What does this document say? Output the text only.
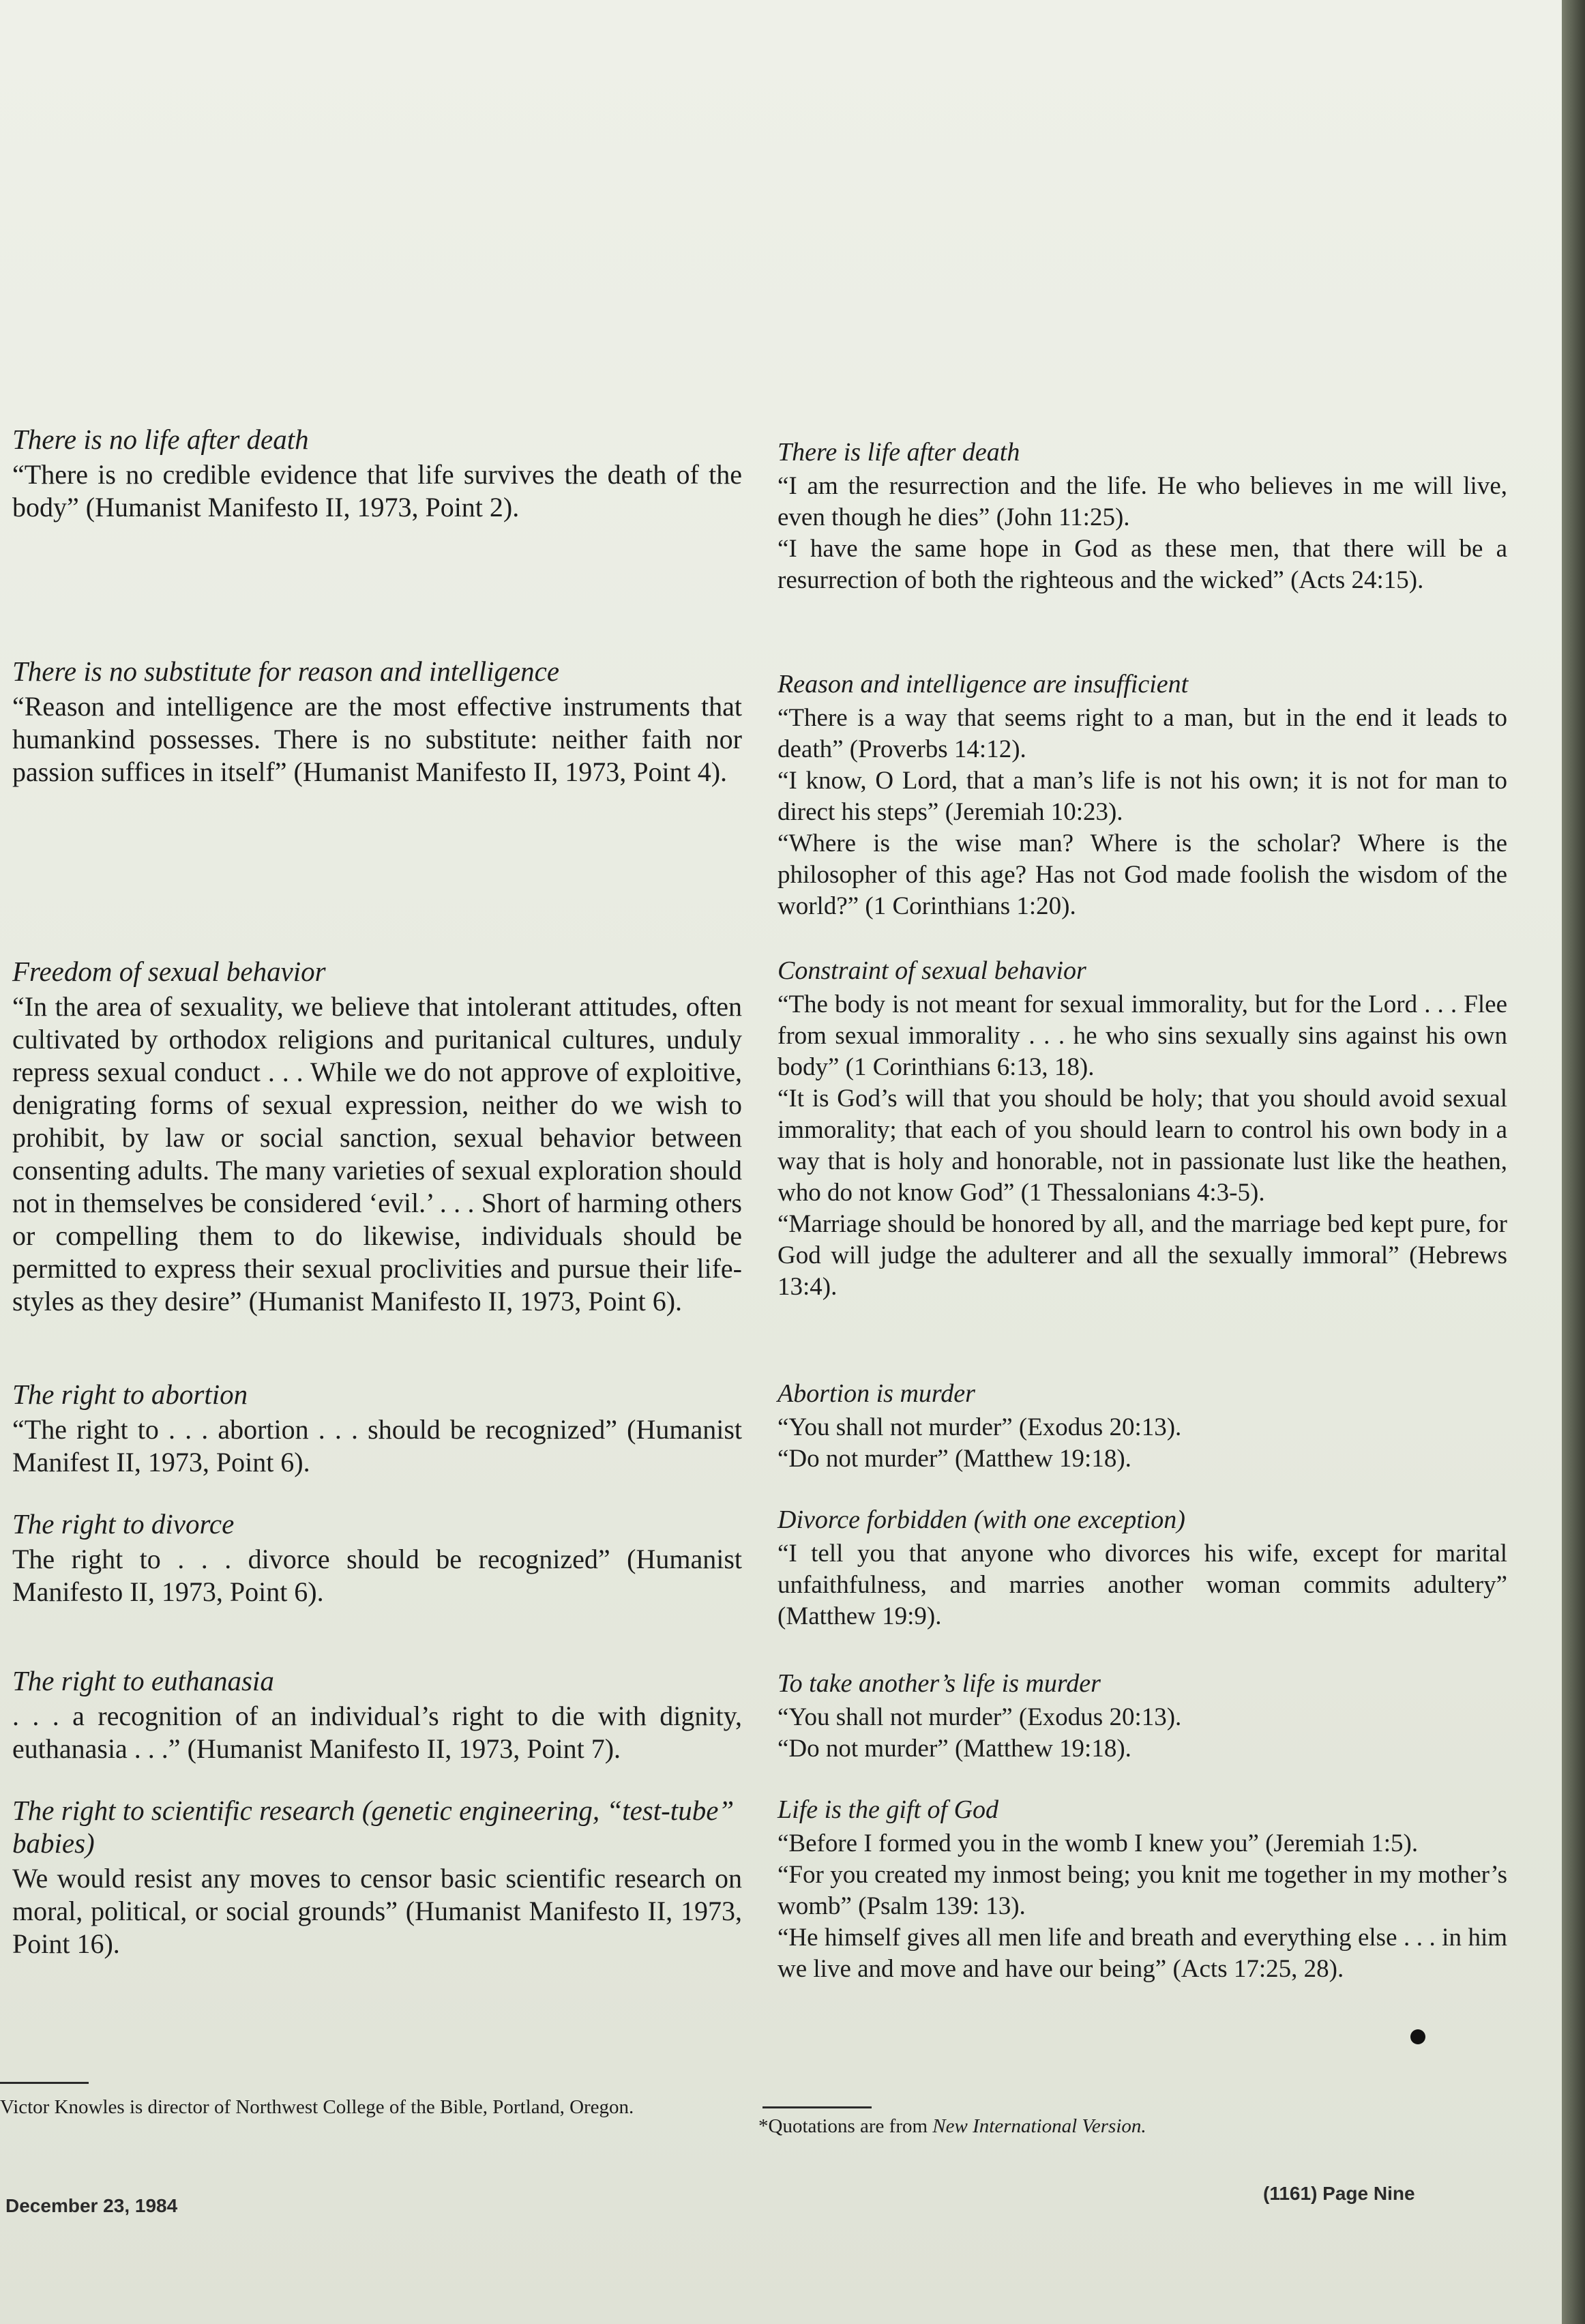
There is no life after death

“There is no credible evidence that life survives the death of the body” (Humanist Manifesto II, 1973, Point 2).

There is no substitute for reason and intelligence

“Reason and intelligence are the most effective instruments that humankind possesses. There is no substitute: neither faith nor passion suffices in itself” (Humanist Manifesto II, 1973, Point 4).

Freedom of sexual behavior

“In the area of sexuality, we believe that intolerant attitudes, often cultivated by orthodox religions and puritanical cultures, unduly repress sexual conduct . . . While we do not approve of exploitive, denigrating forms of sexual expression, neither do we wish to prohibit, by law or social sanction, sexual behavior between consenting adults. The many varieties of sexual exploration should not in themselves be considered ‘evil.’ . . . Short of harming others or compelling them to do likewise, individuals should be permitted to express their sexual proclivities and pursue their life-styles as they desire” (Humanist Manifesto II, 1973, Point 6).

The right to abortion

“The right to . . . abortion . . . should be recognized” (Humanist Manifest II, 1973, Point 6).

The right to divorce

The right to . . . divorce should be recognized” (Humanist Manifesto II, 1973, Point 6).

The right to euthanasia

. . . a recognition of an individual’s right to die with dignity, euthanasia . . .” (Humanist Manifesto II, 1973, Point 7).

The right to scientific research (genetic engineering, “test-tube” babies)

We would resist any moves to censor basic scientific research on moral, political, or social grounds” (Humanist Manifesto II, 1973, Point 16).

There is life after death

“I am the resurrection and the life. He who believes in me will live, even though he dies” (John 11:25).

“I have the same hope in God as these men, that there will be a resurrection of both the righteous and the wicked” (Acts 24:15).

Reason and intelligence are insufficient

“There is a way that seems right to a man, but in the end it leads to death” (Proverbs 14:12).

“I know, O Lord, that a man’s life is not his own; it is not for man to direct his steps” (Jeremiah 10:23).

“Where is the wise man? Where is the scholar? Where is the philosopher of this age? Has not God made foolish the wisdom of the world?” (1 Corinthians 1:20).

Constraint of sexual behavior

“The body is not meant for sexual immorality, but for the Lord . . . Flee from sexual immorality . . . he who sins sexually sins against his own body” (1 Corinthians 6:13, 18).

“It is God’s will that you should be holy; that you should avoid sexual immorality; that each of you should learn to control his own body in a way that is holy and honorable, not in passionate lust like the heathen, who do not know God” (1 Thessalonians 4:3-5).

“Marriage should be honored by all, and the marriage bed kept pure, for God will judge the adulterer and all the sexually immoral” (Hebrews 13:4).

Abortion is murder

“You shall not murder” (Exodus 20:13).

“Do not murder” (Matthew 19:18).

Divorce forbidden (with one exception)

“I tell you that anyone who divorces his wife, except for marital unfaithfulness, and marries another woman commits adultery” (Matthew 19:9).

To take another’s life is murder

“You shall not murder” (Exodus 20:13).

“Do not murder” (Matthew 19:18).

Life is the gift of God

“Before I formed you in the womb I knew you” (Jeremiah 1:5).

“For you created my inmost being; you knit me together in my mother’s womb” (Psalm 139: 13).

“He himself gives all men life and breath and everything else . . . in him we live and move and have our being” (Acts 17:25, 28).

Victor Knowles is director of Northwest College of the Bible, Portland, Oregon.
*Quotations are from New International Version.
December 23, 1984
(1161) Page Nine
